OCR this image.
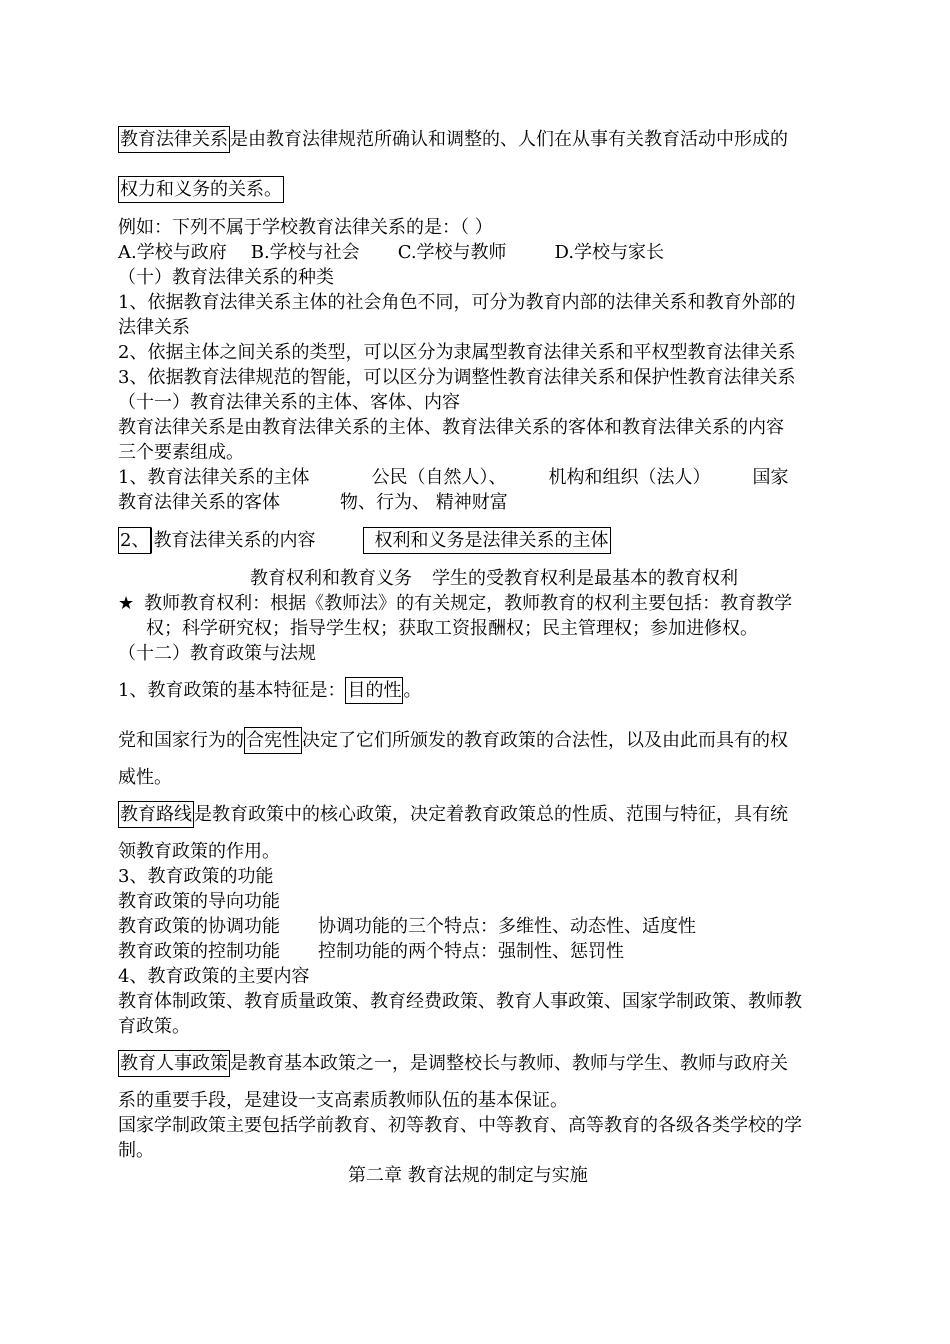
教育法律关系 是由教育法律规范所确认和调整的、人们在从事有关教育活动中形成的
权力和义务的关系。
例如：下列不属于学校教育法律关系的是：（ ）
A.学校与政府 B.学校与社会 C.学校与教师	D.学校与家长
（十）教育法律关系的种类
1、依据教育法律关系主体的社会角色不同，可分为教育内部的法律关系和教育外部的
法律关系
2、依据主体之间关系的类型，可以区分为隶属型教育法律关系和平权型教育法律关系
3、依据教育法律规范的智能，可以区分为调整性教育法律关系和保护性教育法律关系
（十一）教育法律关系的主体、客体、内容
教育法律关系是由教育法律关系的主体、教育法律关系的客体和教育法律关系的内容
三个要素组成。
1、教育法律关系的主体	公民（自然人）、 机构和组织（法人） 国家
教育法律关系的客体	物、行为、 精神财富
2、 教育法律关系的内容	权利和义务是法律关系的主体
教育权利和教育义务 学生的受教育权利是最基本的教育权利
★ 教师教育权利：根据《教师法》的有关规定，教师教育的权利主要包括：教育教学
权；科学研究权；指导学生权；获取工资报酬权；民主管理权；参加进修权。
（十二）教育政策与法规
1、教育政策的基本特征是： 目的性 。
党和国家行为的 合宪性 决定了它们所颁发的教育政策的合法性，以及由此而具有的权
威性。
教育路线 是教育政策中的核心政策，决定着教育政策总的性质、范围与特征，具有统
领教育政策的作用。
3、教育政策的功能
教育政策的导向功能
教育政策的协调功能 协调功能的三个特点：多维性、动态性、适度性
教育政策的控制功能 控制功能的两个特点：强制性、惩罚性
4、教育政策的主要内容
教育体制政策、教育质量政策、教育经费政策、教育人事政策、国家学制政策、教师教
育政策。
教育人事政策 是教育基本政策之一，是调整校长与教师、教师与学生、教师与政府关
系的重要手段，是建设一支高素质教师队伍的基本保证。
国家学制政策主要包括学前教育、初等教育、中等教育、高等教育的各级各类学校的学
制。
第二章 教育法规的制定与实施
